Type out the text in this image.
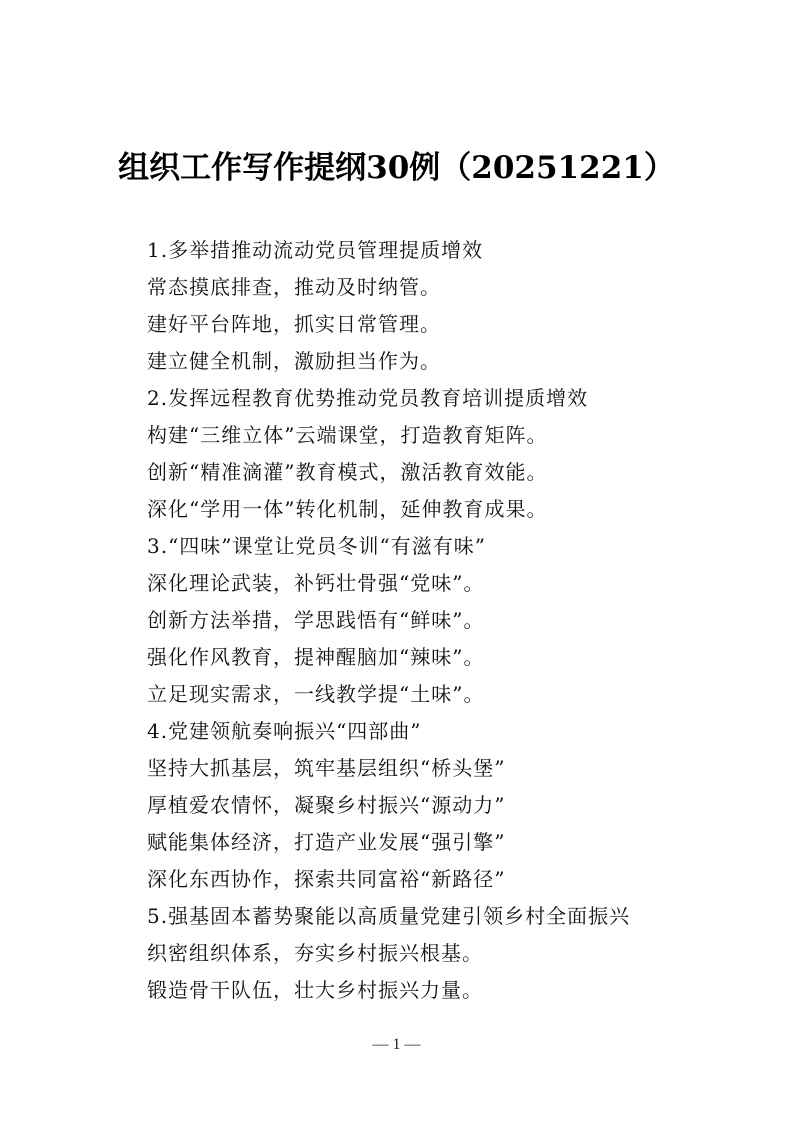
组织工作写作提纲30例（20251221）
1.多举措推动流动党员管理提质增效
常态摸底排查，推动及时纳管。
建好平台阵地，抓实日常管理。
建立健全机制，激励担当作为。
2.发挥远程教育优势推动党员教育培训提质增效
构建“三维立体”云端课堂，打造教育矩阵。
创新“精准滴灌”教育模式，激活教育效能。
深化“学用一体”转化机制，延伸教育成果。
3.“四味”课堂让党员冬训“有滋有味”
深化理论武装，补钙壮骨强“党味”。
创新方法举措，学思践悟有“鲜味”。
强化作风教育，提神醒脑加“辣味”。
立足现实需求，一线教学提“土味”。
4.党建领航奏响振兴“四部曲”
坚持大抓基层，筑牢基层组织“桥头堡”
厚植爱农情怀，凝聚乡村振兴“源动力”
赋能集体经济，打造产业发展“强引擎”
深化东西协作，探索共同富裕“新路径”
5.强基固本蓄势聚能以高质量党建引领乡村全面振兴
织密组织体系，夯实乡村振兴根基。
锻造骨干队伍，壮大乡村振兴力量。
— 1 —
